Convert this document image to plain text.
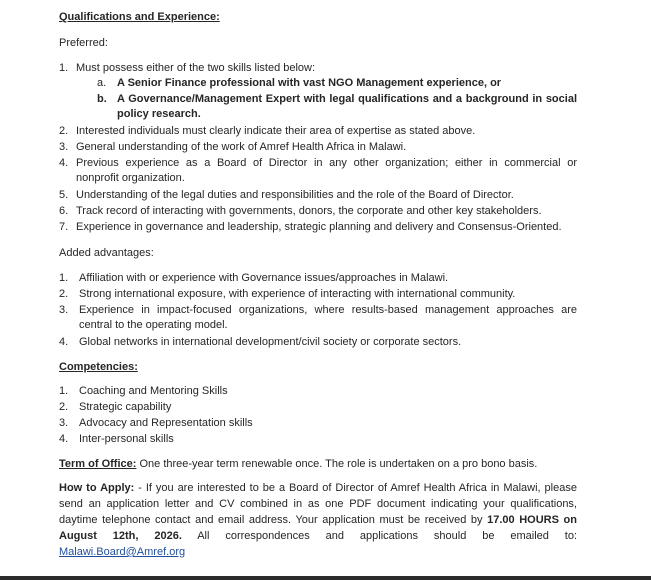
Qualifications and Experience:
Preferred:
1. Must possess either of the two skills listed below:
a. A Senior Finance professional with vast NGO Management experience, or
b. A Governance/Management Expert with legal qualifications and a background in social
policy research.
2. Interested individuals must clearly indicate their area of expertise as stated above.
3. General understanding of the work of Amref Health Africa in Malawi.
4. Previous experience as a Board of Director in any other organization; either in commercial or
nonprofit organization.
5. Understanding of the legal duties and responsibilities and the role of the Board of Director.
6. Track record of interacting with governments, donors, the corporate and other key stakeholders.
7. Experience in governance and leadership, strategic planning and delivery and Consensus-Oriented.
Added advantages:
1. Affiliation with or experience with Governance issues/approaches in Malawi.
2. Strong international exposure, with experience of interacting with international community.
3. Experience in impact-focused organizations, where results-based management approaches are
central to the operating model.
4. Global networks in international development/civil society or corporate sectors.
Competencies:
1. Coaching and Mentoring Skills
2. Strategic capability
3. Advocacy and Representation skills
4. Inter-personal skills
Term of Office: One three-year term renewable once. The role is undertaken on a pro bono basis.
How to Apply: - If you are interested to be a Board of Director of Amref Health Africa in Malawi, please
send an application letter and CV combined in as one PDF document indicating your qualifications,
daytime telephone contact and email address. Your application must be received by 17.00 HOURS on
August 12th, 2026. All correspondences and applications should be emailed to:
Malawi.Board@Amref.org
